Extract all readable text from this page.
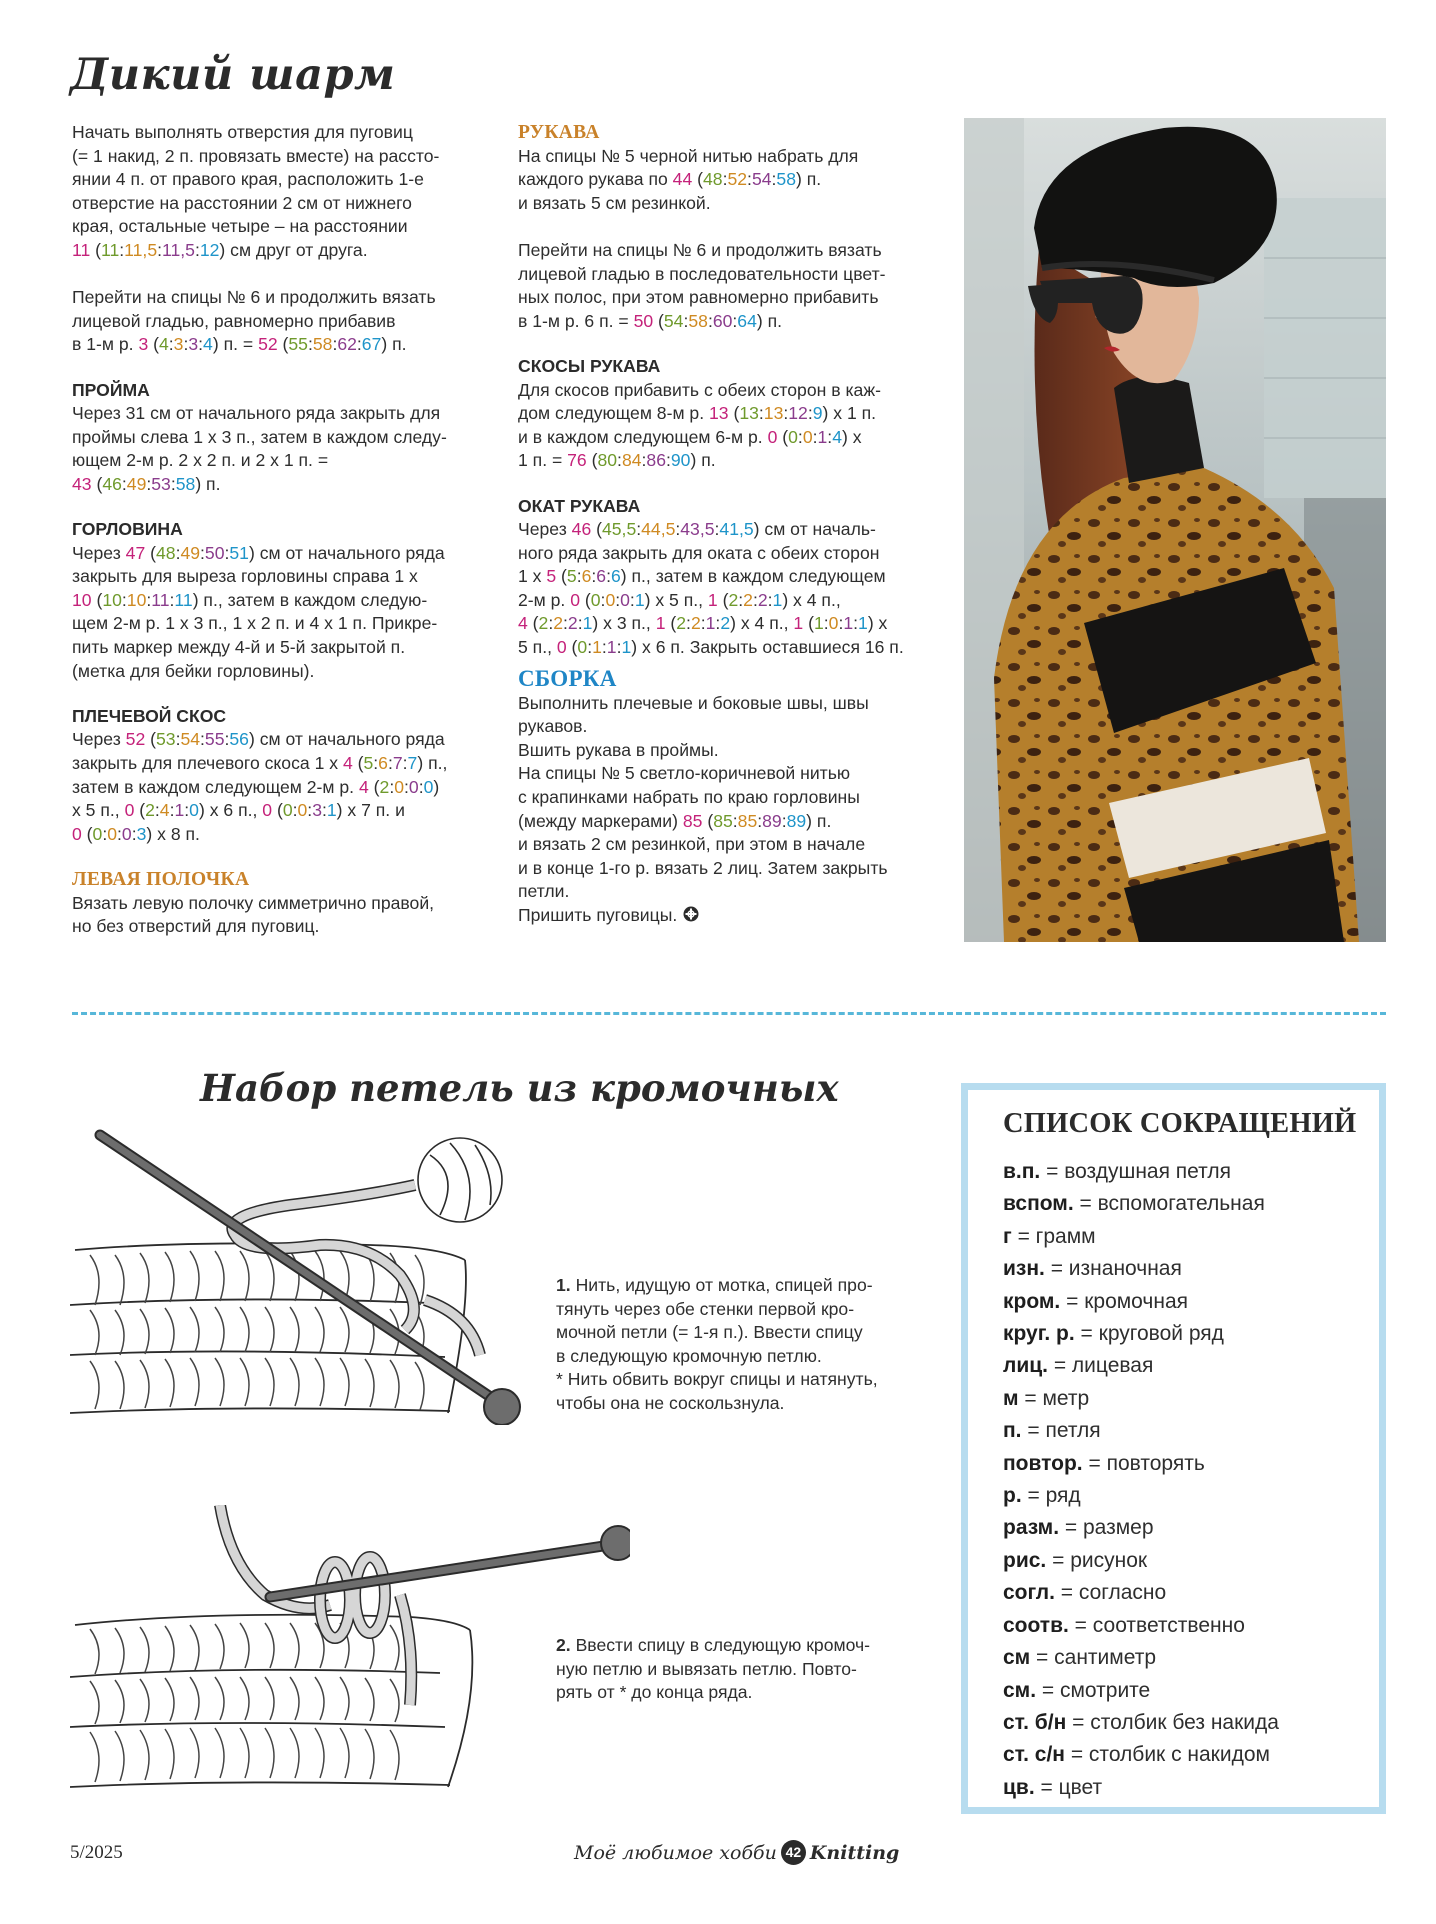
Дикий шарм
Начать выполнять отверстия для пуговиц
(= 1 накид, 2 п. провязать вместе) на рассто-
янии 4 п. от правого края, расположить 1-е
отверстие на расстоянии 2 см от нижнего
края, остальные четыре – на расстоянии
11 (11:11,5:11,5:12) см друг от друга.
Перейти на спицы № 6 и продолжить вязать
лицевой гладью, равномерно прибавив
в 1-м р. 3 (4:3:3:4) п. = 52 (55:58:62:67) п.
ПРОЙМА
Через 31 см от начального ряда закрыть для
проймы слева 1 х 3 п., затем в каждом следу-
ющем 2-м р. 2 х 2 п. и 2 х 1 п. =
43 (46:49:53:58) п.
ГОРЛОВИНА
Через 47 (48:49:50:51) см от начального ряда
закрыть для выреза горловины справа 1 х
10 (10:10:11:11) п., затем в каждом следую-
щем 2-м р. 1 х 3 п., 1 х 2 п. и 4 х 1 п. Прикре-
пить маркер между 4-й и 5-й закрытой п.
(метка для бейки горловины).
ПЛЕЧЕВОЙ СКОС
Через 52 (53:54:55:56) см от начального ряда
закрыть для плечевого скоса 1 х 4 (5:6:7:7) п.,
затем в каждом следующем 2-м р. 4 (2:0:0:0)
х 5 п., 0 (2:4:1:0) х 6 п., 0 (0:0:3:1) х 7 п. и
0 (0:0:0:3) х 8 п.
ЛЕВАЯ ПОЛОЧКА
Вязать левую полочку симметрично правой,
но без отверстий для пуговиц.
РУКАВА
На спицы № 5 черной нитью набрать для
каждого рукава по 44 (48:52:54:58) п.
и вязать 5 см резинкой.
Перейти на спицы № 6 и продолжить вязать
лицевой гладью в последовательности цвет-
ных полос, при этом равномерно прибавить
в 1-м р. 6 п. = 50 (54:58:60:64) п.
СКОСЫ РУКАВА
Для скосов прибавить с обеих сторон в каж-
дом следующем 8-м р. 13 (13:13:12:9) х 1 п.
и в каждом следующем 6-м р. 0 (0:0:1:4) х
1 п. = 76 (80:84:86:90) п.
ОКАТ РУКАВА
Через 46 (45,5:44,5:43,5:41,5) см от началь-
ного ряда закрыть для оката с обеих сторон
1 х 5 (5:6:6:6) п., затем в каждом следующем
2-м р. 0 (0:0:0:1) х 5 п., 1 (2:2:2:1) х 4 п.,
4 (2:2:2:1) х 3 п., 1 (2:2:1:2) х 4 п., 1 (1:0:1:1) х
5 п., 0 (0:1:1:1) х 6 п. Закрыть оставшиеся 16 п.
СБОРКА
Выполнить плечевые и боковые швы, швы
рукавов.
Вшить рукава в проймы.
На спицы № 5 светло-коричневой нитью
с крапинками набрать по краю горловины
(между маркерами) 85 (85:85:89:89) п.
и вязать 2 см резинкой, при этом в начале
и в конце 1-го р. вязать 2 лиц. Затем закрыть
петли.
Пришить пуговицы.
Набор петель из кромочных
1. Нить, идущую от мотка, спицей про-
тянуть через обе стенки первой кро-
мочной петли (= 1-я п.). Ввести спицу
в следующую кромочную петлю.
* Нить обвить вокруг спицы и натянуть,
чтобы она не соскользнула.
2. Ввести спицу в следующую кромоч-
ную петлю и вывязать петлю. Повто-
рять от * до конца ряда.
СПИСОК СОКРАЩЕНИЙ
в.п. = воздушная петля
вспом. = вспомогательная
г = грамм
изн. = изнаночная
кром. = кромочная
круг. р. = круговой ряд
лиц. = лицевая
м = метр
п. = петля
повтор. = повторять
р. = ряд
разм. = размер
рис. = рисунок
согл. = согласно
соотв. = соответственно
см = сантиметр
см. = смотрите
ст. б/н = столбик без накида
ст. с/н = столбик с накидом
цв. = цвет
5/2025	Моё любимое хобби 42 Knitting
